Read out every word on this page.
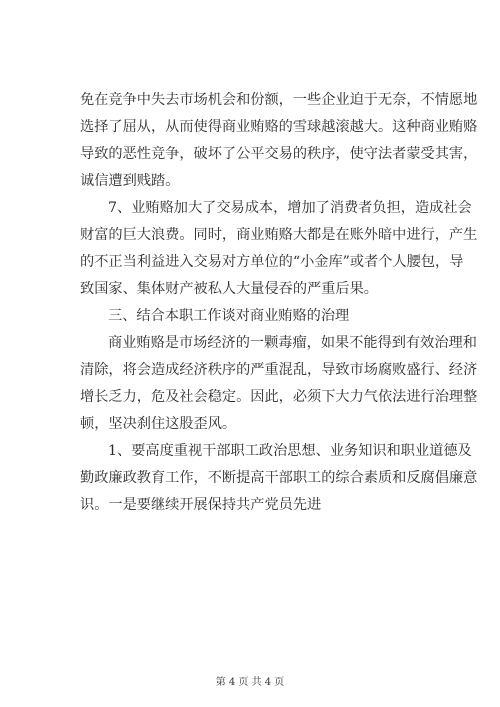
免在竞争中失去市场机会和份额，一些企业迫于无奈，不情愿地
选择了屈从，从而使得商业贿赂的雪球越滚越大。这种商业贿赂
导致的恶性竞争，破坏了公平交易的秩序，使守法者蒙受其害，
诚信遭到贱踏。
7、业贿赂加大了交易成本，增加了消费者负担，造成社会
财富的巨大浪费。同时，商业贿赂大都是在账外暗中进行，产生
的不正当利益进入交易对方单位的“小金库”或者个人腰包，导
致国家、集体财产被私人大量侵吞的严重后果。
三、结合本职工作谈对商业贿赂的治理
商业贿赂是市场经济的一颗毒瘤，如果不能得到有效治理和
清除，将会造成经济秩序的严重混乱，导致市场腐败盛行、经济
增长乏力，危及社会稳定。因此，必须下大力气依法进行治理整
顿，坚决刹住这股歪风。
1、要高度重视干部职工政治思想、业务知识和职业道德及
勤政廉政教育工作，不断提高干部职工的综合素质和反腐倡廉意
识。一是要继续开展保持共产党员先进
第 4 页 共 4 页
